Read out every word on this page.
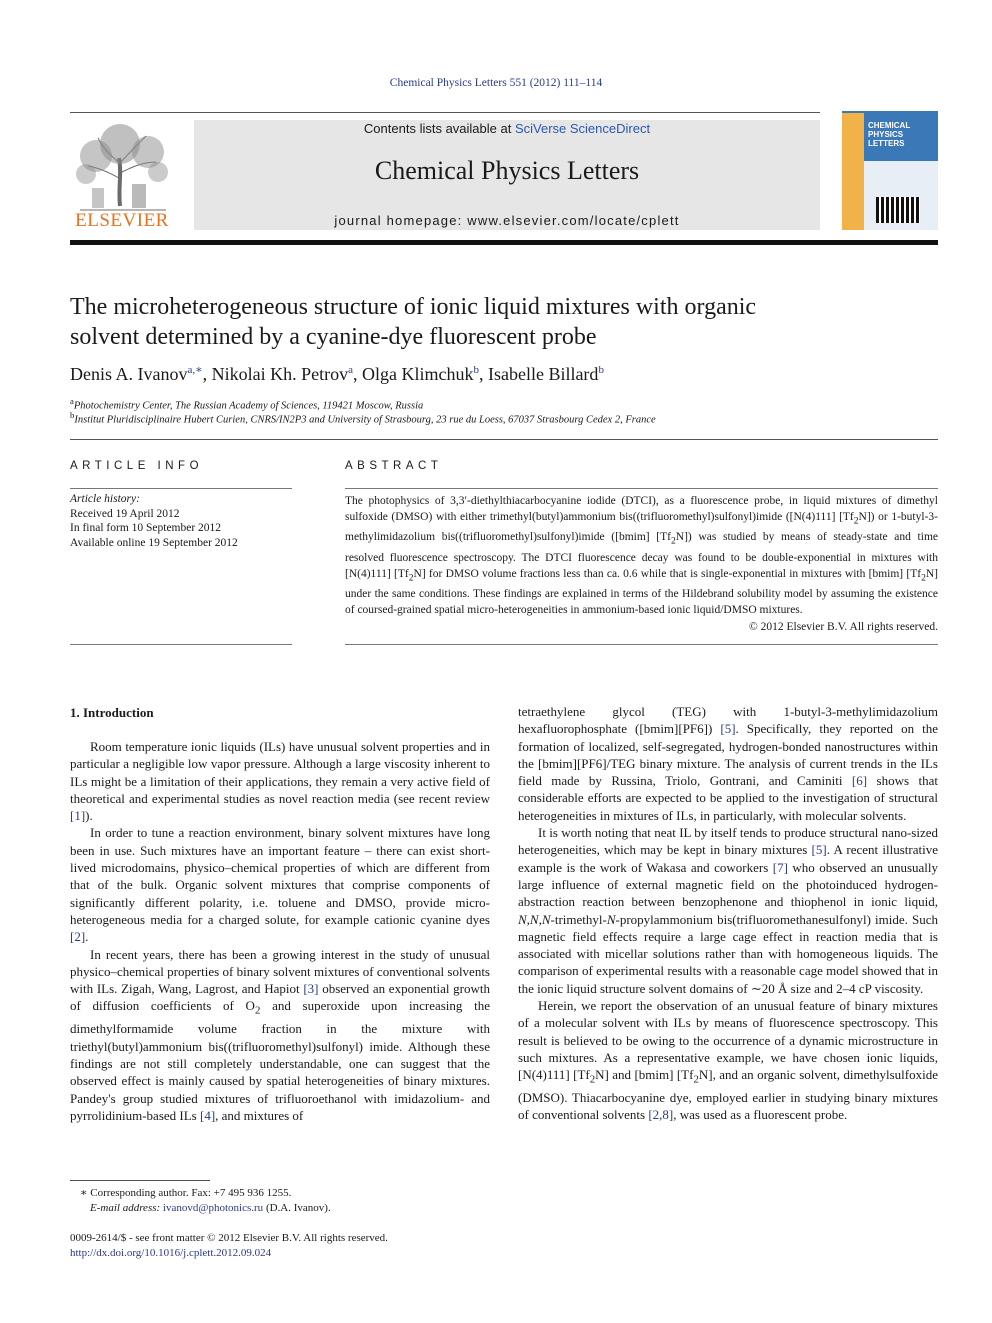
Chemical Physics Letters 551 (2012) 111–114
ELSEVIER
Contents lists available at SciVerse ScienceDirect
Chemical Physics Letters
journal homepage: www.elsevier.com/locate/cplett
CHEMICAL
PHYSICS
LETTERS
The microheterogeneous structure of ionic liquid mixtures with organic
solvent determined by a cyanine-dye fluorescent probe
Denis A. Ivanov$^{a,∗}$, Nikolai Kh. Petrov$^a$, Olga Klimchuk$^b$, Isabelle Billard$^b$
$^a$Photochemistry Center, The Russian Academy of Sciences, 119421 Moscow, Russia
$^b$Institut Pluridisciplinaire Hubert Curien, CNRS/IN2P3 and University of Strasbourg, 23 rue du Loess, 67037 Strasbourg Cedex 2, France
ARTICLE INFO
Article history:
Received 19 April 2012
In final form 10 September 2012
Available online 19 September 2012
ABSTRACT
The photophysics of 3,3′-diethylthiacarbocyanine iodide (DTCI), as a fluorescence probe, in liquid mixtures of dimethyl sulfoxide (DMSO) with either trimethyl(butyl)ammonium bis((trifluoromethyl)sulfonyl)imide ([N(4)111] $[Tf_2N]$) or 1-butyl-3-methylimidazolium bis((trifluoromethyl)sulfonyl)imide ([bmim] $[Tf_2N]$) was studied by means of steady-state and time resolved fluorescence spectroscopy. The DTCI fluorescence decay was found to be double-exponential in mixtures with [N(4)111] $[Tf_2N]$ for DMSO volume fractions less than ca. 0.6 while that is single-exponential in mixtures with [bmim] $[Tf_2N]$ under the same conditions. These findings are explained in terms of the Hildebrand solubility model by assuming the existence of coursed-grained spatial micro-heterogeneities in ammonium-based ionic liquid/DMSO mixtures.
© 2012 Elsevier B.V. All rights reserved.
1. Introduction

Room temperature ionic liquids (ILs) have unusual solvent properties and in particular a negligible low vapor pressure. Although a large viscosity inherent to ILs might be a limitation of their applications, they remain a very active field of theoretical and experimental studies as novel reaction media (see recent review [1]).

In order to tune a reaction environment, binary solvent mixtures have long been in use. Such mixtures have an important feature – there can exist short-lived microdomains, physico–chemical properties of which are different from that of the bulk. Organic solvent mixtures that comprise components of significantly different polarity, i.e. toluene and DMSO, provide micro-heterogeneous media for a charged solute, for example cationic cyanine dyes [2].

In recent years, there has been a growing interest in the study of unusual physico–chemical properties of binary solvent mixtures of conventional solvents with ILs. Zigah, Wang, Lagrost, and Hapiot [3] observed an exponential growth of diffusion coefficients of $O_2$ and superoxide upon increasing the dimethylformamide volume fraction in the mixture with triethyl(butyl)ammonium bis((trifluoromethyl)sulfonyl) imide. Although these findings are not still completely understandable, one can suggest that the observed effect is mainly caused by spatial heterogeneities of binary mixtures. Pandey's group studied mixtures of trifluoroethanol with imidazolium- and pyrrolidinium-based ILs [4], and mixtures of

tetraethylene glycol (TEG) with 1-butyl-3-methylimidazolium hexafluorophosphate ([bmim][PF6]) [5]. Specifically, they reported on the formation of localized, self-segregated, hydrogen-bonded nanostructures within the [bmim][PF6]/TEG binary mixture. The analysis of current trends in the ILs field made by Russina, Triolo, Gontrani, and Caminiti [6] shows that considerable efforts are expected to be applied to the investigation of structural heterogeneities in mixtures of ILs, in particularly, with molecular solvents.

It is worth noting that neat IL by itself tends to produce structural nano-sized heterogeneities, which may be kept in binary mixtures [5]. A recent illustrative example is the work of Wakasa and coworkers [7] who observed an unusually large influence of external magnetic field on the photoinduced hydrogen-abstraction reaction between benzophenone and thiophenol in ionic liquid, N,N,N-trimethyl-N-propylammonium bis(trifluoromethanesulfonyl) imide. Such magnetic field effects require a large cage effect in reaction media that is associated with micellar solutions rather than with homogeneous liquids. The comparison of experimental results with a reasonable cage model showed that in the ionic liquid structure solvent domains of ∼20 Å size and 2–4 cP viscosity.

Herein, we report the observation of an unusual feature of binary mixtures of a molecular solvent with ILs by means of fluorescence spectroscopy. This result is believed to be owing to the occurrence of a dynamic microstructure in such mixtures. As a representative example, we have chosen ionic liquids, [N(4)111] $[Tf_2N]$ and [bmim] $[Tf_2N]$, and an organic solvent, dimethylsulfoxide (DMSO). Thiacarbocyanine dye, employed earlier in studying binary mixtures of conventional solvents [2,8], was used as a fluorescent probe.

∗ Corresponding author. Fax: +7 495 936 1255.
E-mail address: ivanovd@photonics.ru (D.A. Ivanov).
0009-2614/$ - see front matter © 2012 Elsevier B.V. All rights reserved.
http://dx.doi.org/10.1016/j.cplett.2012.09.024
